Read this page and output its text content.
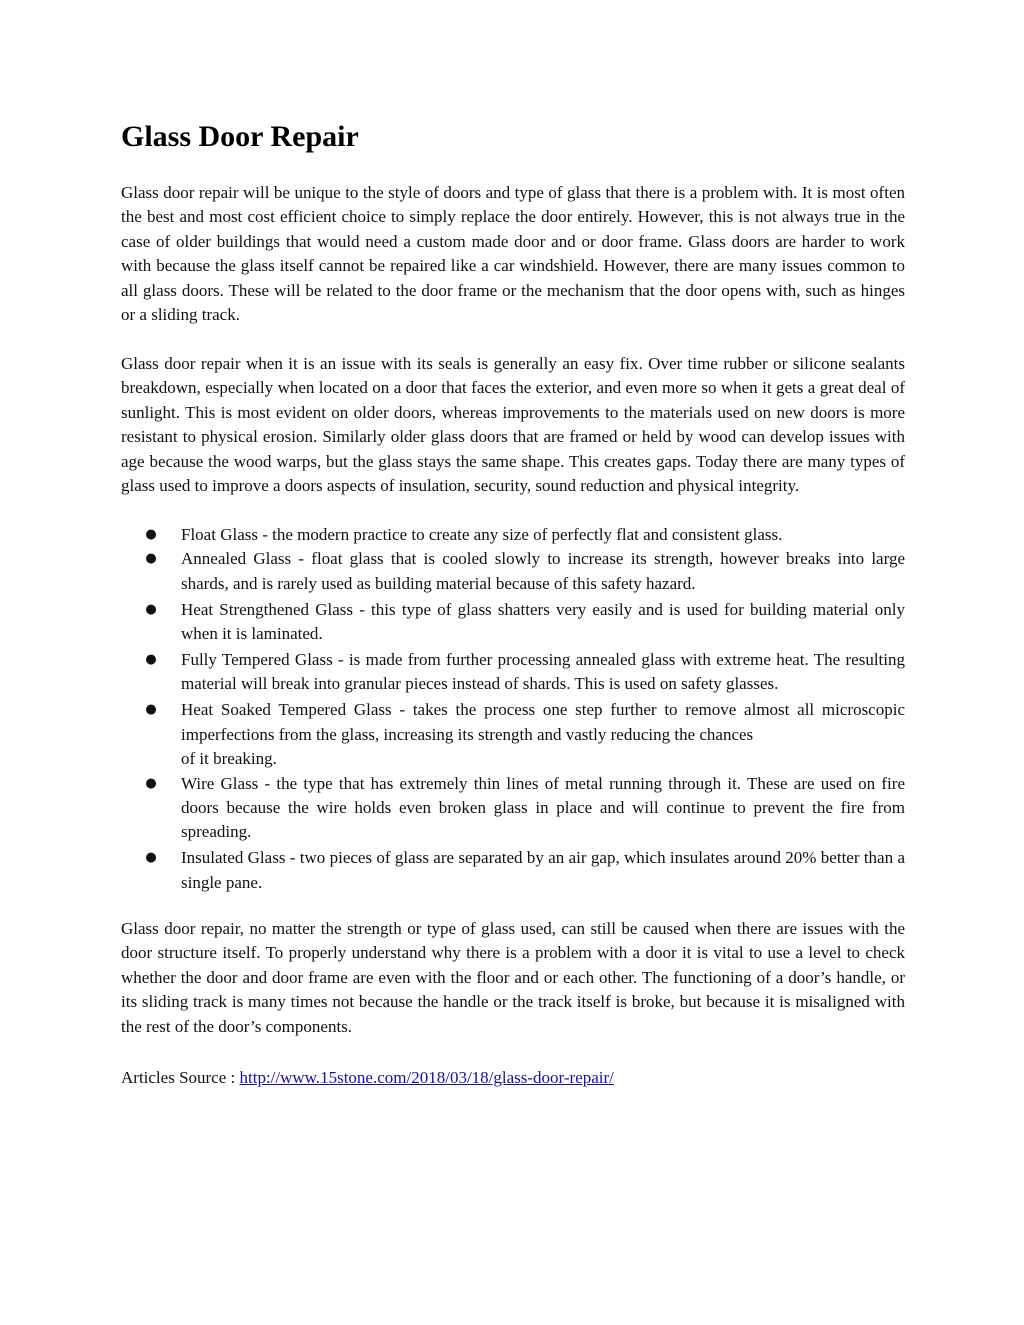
Glass Door Repair

Glass door repair will be unique to the style of doors and type of glass that there is a problem with. It is most often the best and most cost efficient choice to simply replace the door entirely. However, this is not always true in the case of older buildings that would need a custom made door and or door frame. Glass doors are harder to work with because the glass itself cannot be repaired like a car windshield. However, there are many issues common to all glass doors. These will be related to the door frame or the mechanism that the door opens with, such as hinges or a sliding track.

Glass door repair when it is an issue with its seals is generally an easy fix. Over time rubber or silicone sealants breakdown, especially when located on a door that faces the exterior, and even more so when it gets a great deal of sunlight. This is most evident on older doors, whereas improvements to the materials used on new doors is more resistant to physical erosion. Similarly older glass doors that are framed or held by wood can develop issues with age because the wood warps, but the glass stays the same shape. This creates gaps. Today there are many types of glass used to improve a doors aspects of insulation, security, sound reduction and physical integrity.

● Float Glass - the modern practice to create any size of perfectly flat and consistent glass.
● Annealed Glass - float glass that is cooled slowly to increase its strength, however breaks into large shards, and is rarely used as building material because of this safety hazard.
● Heat Strengthened Glass - this type of glass shatters very easily and is used for building material only when it is laminated.
● Fully Tempered Glass - is made from further processing annealed glass with extreme heat. The resulting material will break into granular pieces instead of shards. This is used on safety glasses.
● Heat Soaked Tempered Glass - takes the process one step further to remove almost all microscopic imperfections from the glass, increasing its strength and vastly reducing the chances
of it breaking.
● Wire Glass - the type that has extremely thin lines of metal running through it. These are used on fire doors because the wire holds even broken glass in place and will continue to prevent the fire from spreading.
● Insulated Glass - two pieces of glass are separated by an air gap, which insulates around 20% better than a single pane.

Glass door repair, no matter the strength or type of glass used, can still be caused when there are issues with the door structure itself. To properly understand why there is a problem with a door it is vital to use a level to check whether the door and door frame are even with the floor and or each other. The functioning of a door’s handle, or its sliding track is many times not because the handle or the track itself is broke, but because it is misaligned with the rest of the door’s components.

Articles Source : http://www.15stone.com/2018/03/18/glass-door-repair/
